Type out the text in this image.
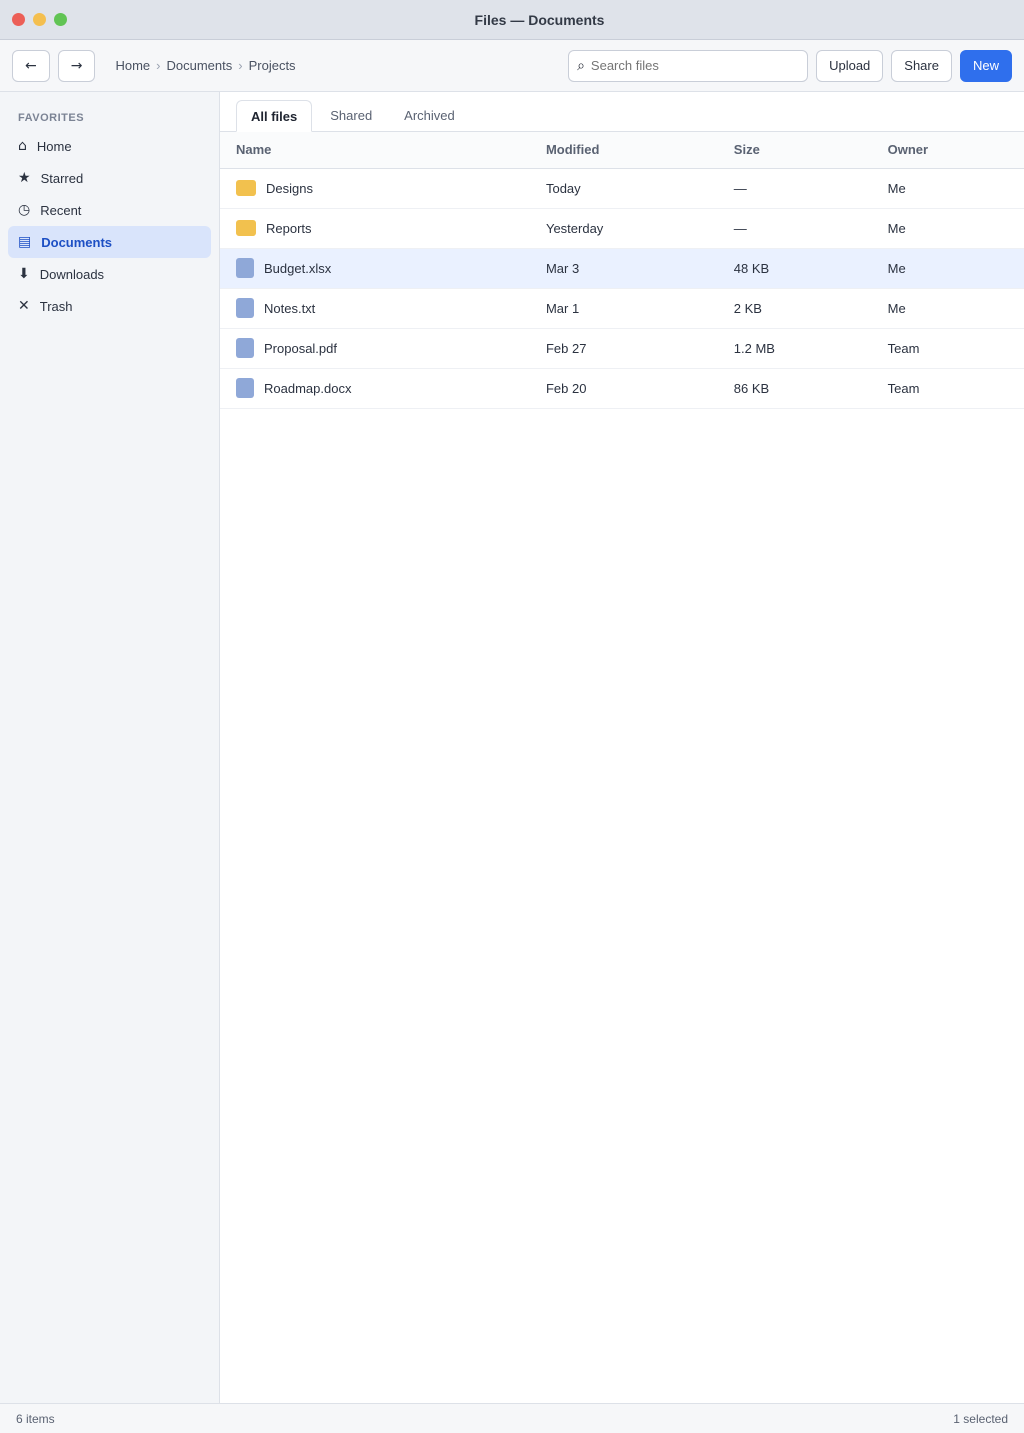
Files — Documents
← →	Home › Documents › Projects	⌕
Search files	Upload	Share	New
FAVORITES
⌂ Home
★ Starred
◷ Recent
▤ Documents
⬇ Downloads
✕ Trash
All files	Shared	Archived
Name	Modified	Size	Owner

Designs	Today	—	Me

Reports	Yesterday	—	Me

Budget.xlsx	Mar 3	48 KB	Me

Notes.txt	Mar 1	2 KB	Me

Proposal.pdf	Feb 27	1.2 MB	Team

Roadmap.docx	Feb 20	86 KB	Team
6 items	1 selected
